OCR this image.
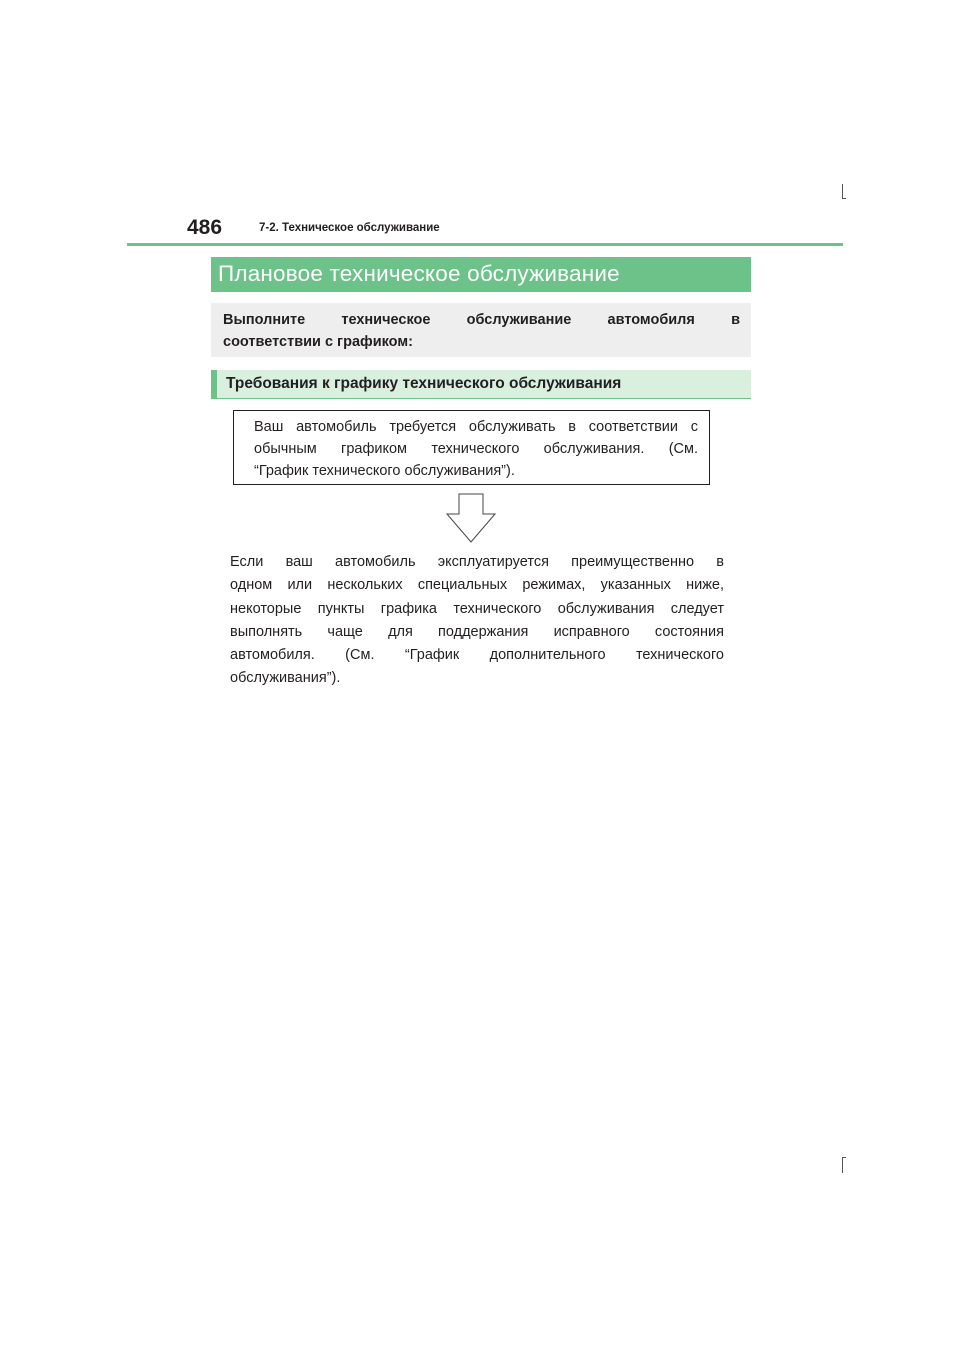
486	7-2. Техническое обслуживание
Плановое техническое обслуживание
Выполните техническое обслуживание автомобиля в
соответствии с графиком:
Требования к графику технического обслуживания
Ваш автомобиль требуется обслуживать в соответствии с
обычным графиком технического обслуживания. (См.
“График технического обслуживания”).
Если ваш автомобиль эксплуатируется преимущественно в
одном или нескольких специальных режимах, указанных ниже,
некоторые пункты графика технического обслуживания следует
выполнять чаще для поддержания исправного состояния
автомобиля. (См. “График дополнительного технического
обслуживания”).
